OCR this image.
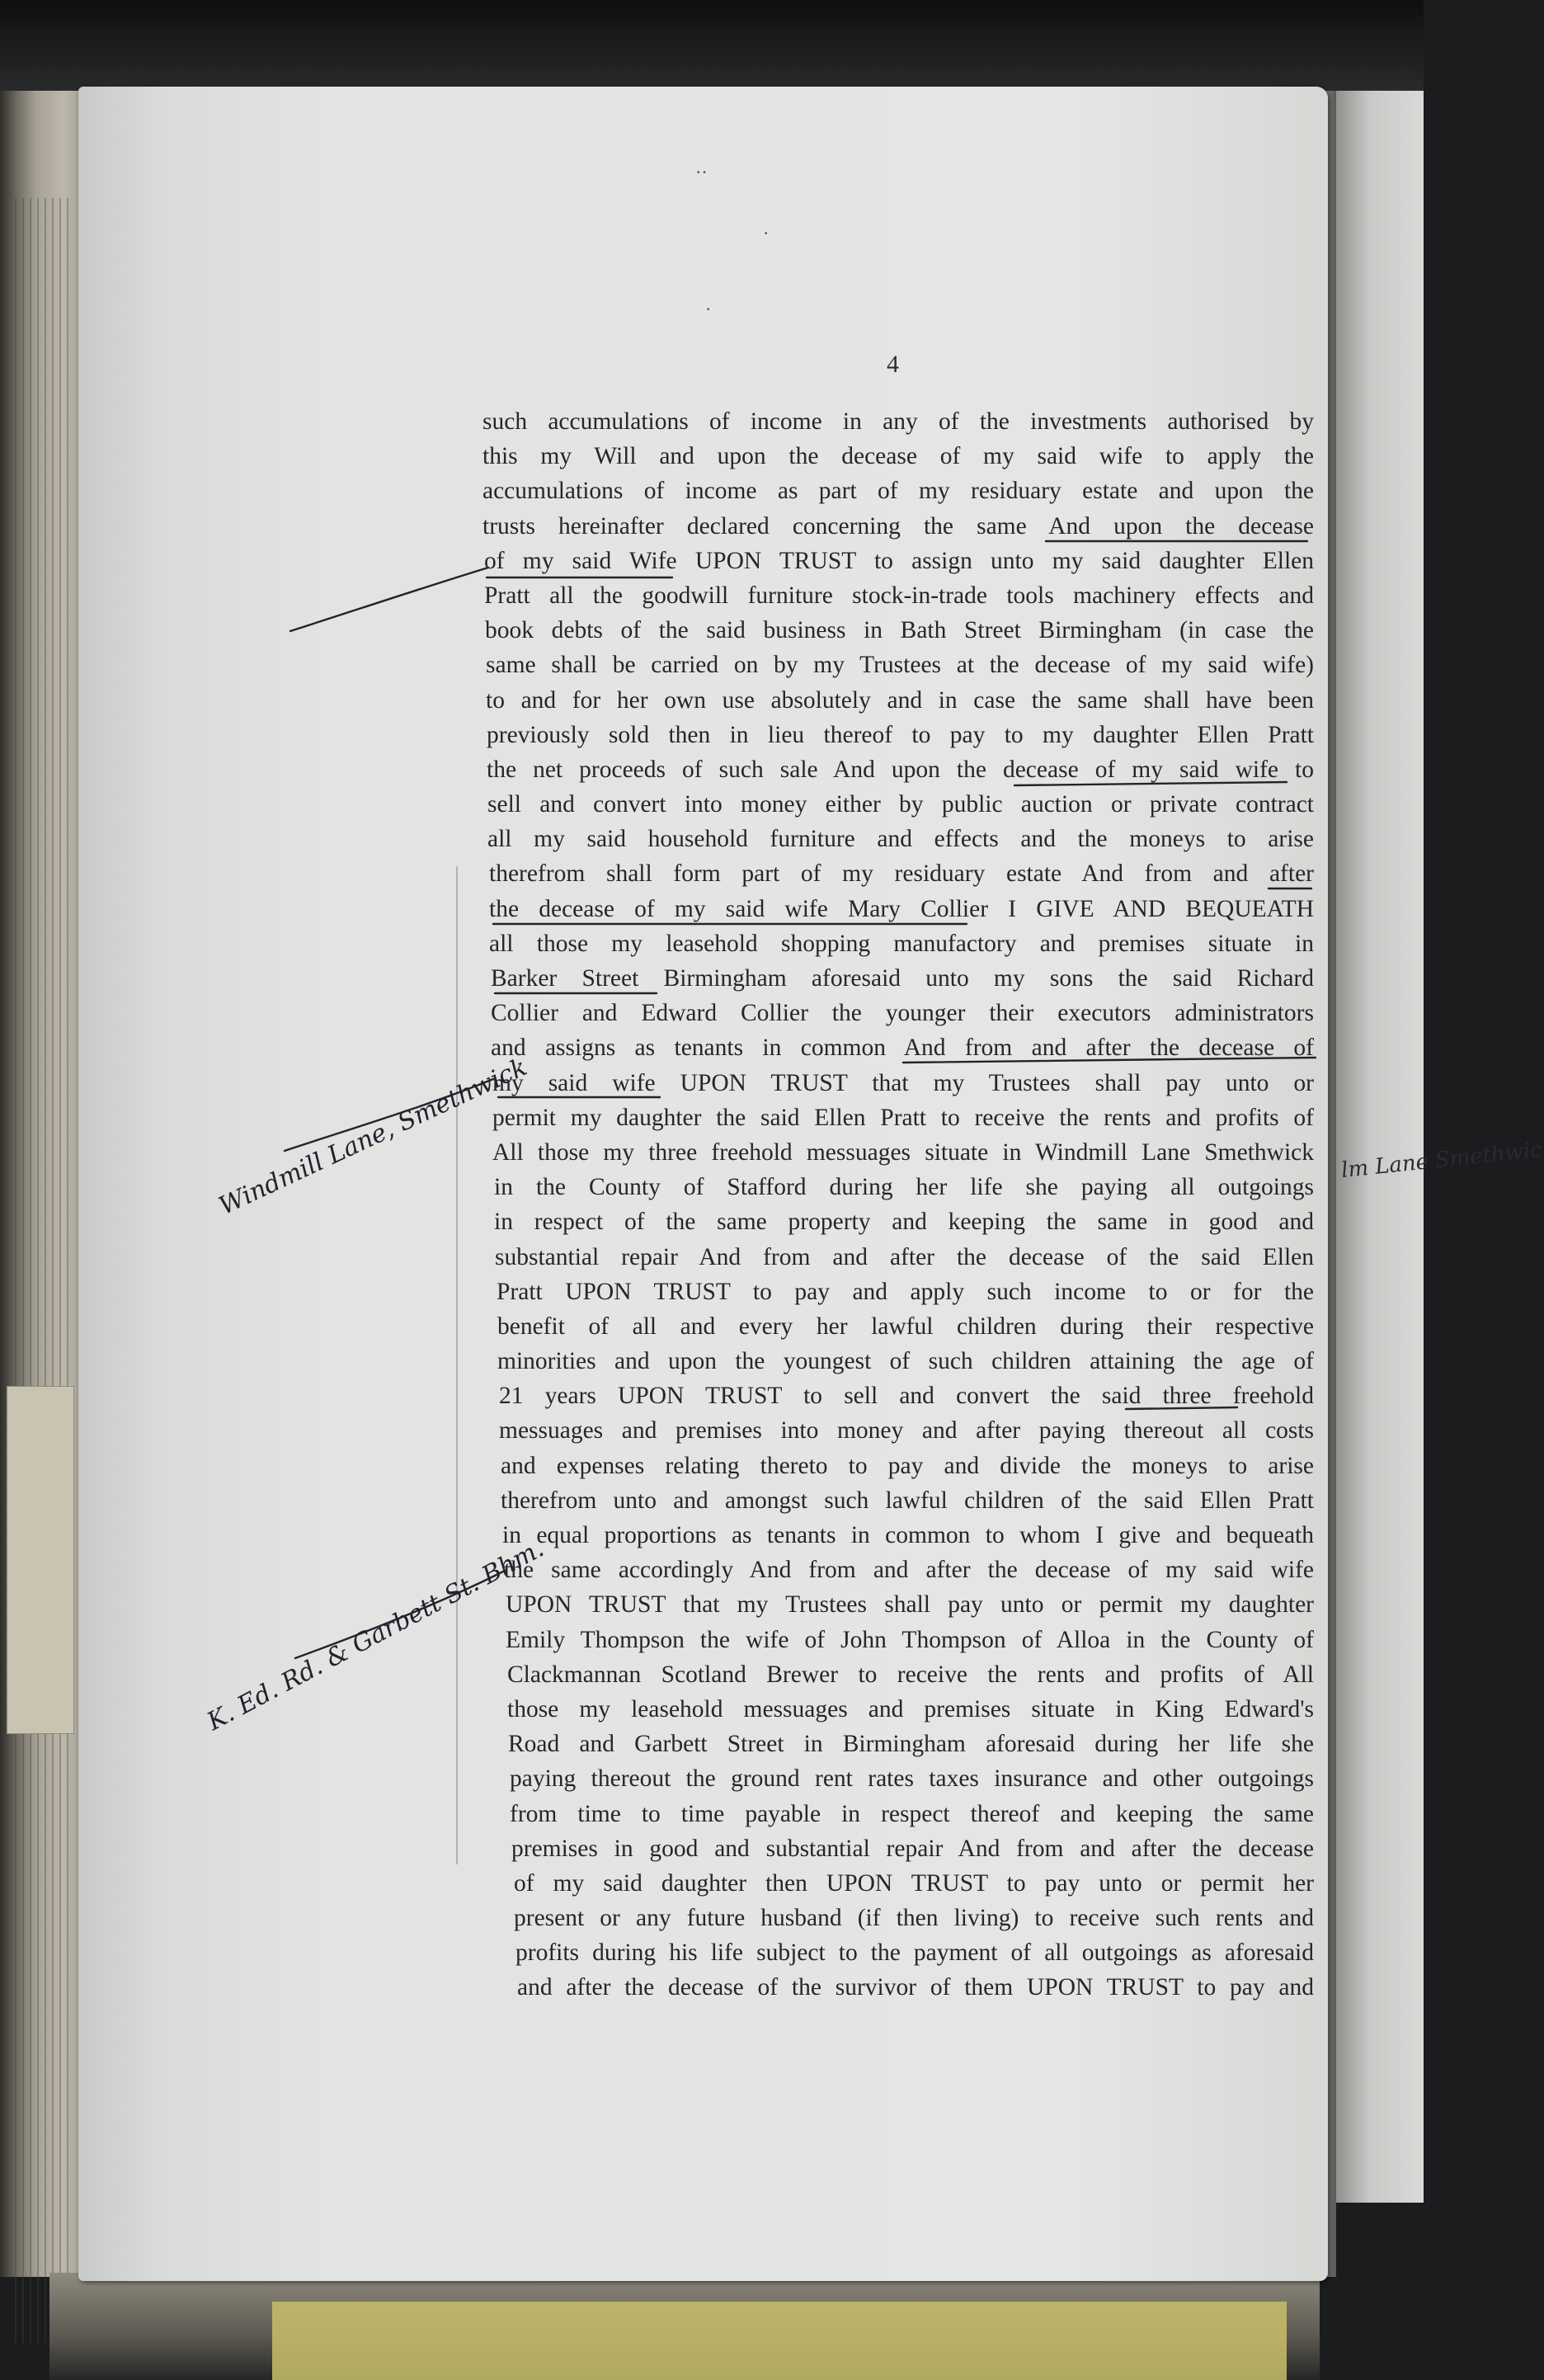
lm Lane Smethwic
··
·
·
4
such accumulations of income in any of the investments authorised by
this my Will and upon the decease of my said wife to apply the
accumulations of income as part of my residuary estate and upon the
trusts hereinafter declared concerning the same And upon the decease
of my said Wife UPON TRUST to assign unto my said daughter Ellen
Pratt all the goodwill furniture stock-in-trade tools machinery effects and
book debts of the said business in Bath Street Birmingham (in case the
same shall be carried on by my Trustees at the decease of my said wife)
to and for her own use absolutely and in case the same shall have been
previously sold then in lieu thereof to pay to my daughter Ellen Pratt
the net proceeds of such sale And upon the decease of my said wife to
sell and convert into money either by public auction or private contract
all my said household furniture and effects and the moneys to arise
therefrom shall form part of my residuary estate And from and after
the decease of my said wife Mary Collier I GIVE AND BEQUEATH
all those my leasehold shopping manufactory and premises situate in
Barker Street Birmingham aforesaid unto my sons the said Richard
Collier and Edward Collier the younger their executors administrators
and assigns as tenants in common And from and after the decease of
my said wife UPON TRUST that my Trustees shall pay unto or
permit my daughter the said Ellen Pratt to receive the rents and profits of
All those my three freehold messuages situate in Windmill Lane Smethwick
in the County of Stafford during her life she paying all outgoings
in respect of the same property and keeping the same in good and
substantial repair And from and after the decease of the said Ellen
Pratt UPON TRUST to pay and apply such income to or for the
benefit of all and every her lawful children during their respective
minorities and upon the youngest of such children attaining the age of
21 years UPON TRUST to sell and convert the said three freehold
messuages and premises into money and after paying thereout all costs
and expenses relating thereto to pay and divide the moneys to arise
therefrom unto and amongst such lawful children of the said Ellen Pratt
in equal proportions as tenants in common to whom I give and bequeath
the same accordingly And from and after the decease of my said wife
UPON TRUST that my Trustees shall pay unto or permit my daughter
Emily Thompson the wife of John Thompson of Alloa in the County of
Clackmannan Scotland Brewer to receive the rents and profits of All
those my leasehold messuages and premises situate in King Edward's
Road and Garbett Street in Birmingham aforesaid during her life she
paying thereout the ground rent rates taxes insurance and other outgoings
from time to time payable in respect thereof and keeping the same
premises in good and substantial repair And from and after the decease
of my said daughter then UPON TRUST to pay unto or permit her
present or any future husband (if then living) to receive such rents and
profits during his life subject to the payment of all outgoings as aforesaid
and after the decease of the survivor of them UPON TRUST to pay and
Windmill Lane, Smethwick
K. Ed. Rd. & Garbett St. Bhm.
